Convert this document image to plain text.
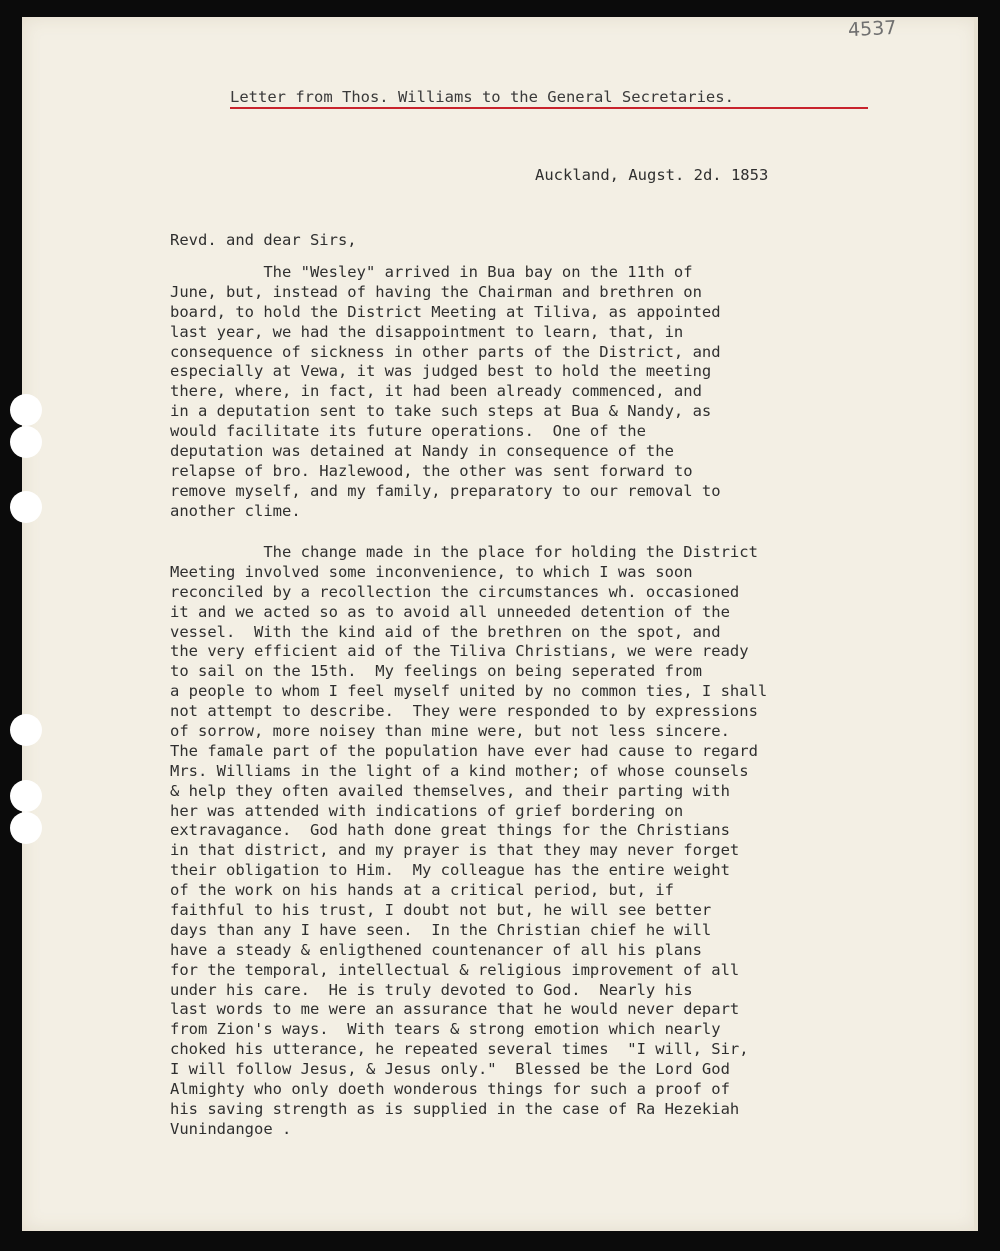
4537
Letter from Thos. Williams to the General Secretaries.
Auckland, Augst. 2d. 1853
Revd. and dear Sirs,
The "Wesley" arrived in Bua bay on the 11th of
June, but, instead of having the Chairman and brethren on
board, to hold the District Meeting at Tiliva, as appointed
last year, we had the disappointment to learn, that, in
consequence of sickness in other parts of the District, and
especially at Vewa, it was judged best to hold the meeting
there, where, in fact, it had been already commenced, and
in a deputation sent to take such steps at Bua & Nandy, as
would facilitate its future operations.  One of the
deputation was detained at Nandy in consequence of the
relapse of bro. Hazlewood, the other was sent forward to
remove myself, and my family, preparatory to our removal to
another clime.
The change made in the place for holding the District
Meeting involved some inconvenience, to which I was soon
reconciled by a recollection the circumstances wh. occasioned
it and we acted so as to avoid all unneeded detention of the
vessel.  With the kind aid of the brethren on the spot, and
the very efficient aid of the Tiliva Christians, we were ready
to sail on the 15th.  My feelings on being seperated from
a people to whom I feel myself united by no common ties, I shall
not attempt to describe.  They were responded to by expressions
of sorrow, more noisey than mine were, but not less sincere.
The famale part of the population have ever had cause to regard
Mrs. Williams in the light of a kind mother; of whose counsels
& help they often availed themselves, and their parting with
her was attended with indications of grief bordering on
extravagance.  God hath done great things for the Christians
in that district, and my prayer is that they may never forget
their obligation to Him.  My colleague has the entire weight
of the work on his hands at a critical period, but, if
faithful to his trust, I doubt not but, he will see better
days than any I have seen.  In the Christian chief he will
have a steady & enligthened countenancer of all his plans
for the temporal, intellectual & religious improvement of all
under his care.  He is truly devoted to God.  Nearly his
last words to me were an assurance that he would never depart
from Zion's ways.  With tears & strong emotion which nearly
choked his utterance, he repeated several times  "I will, Sir,
I will follow Jesus, & Jesus only."  Blessed be the Lord God
Almighty who only doeth wonderous things for such a proof of
his saving strength as is supplied in the case of Ra Hezekiah
Vunindangoe .
